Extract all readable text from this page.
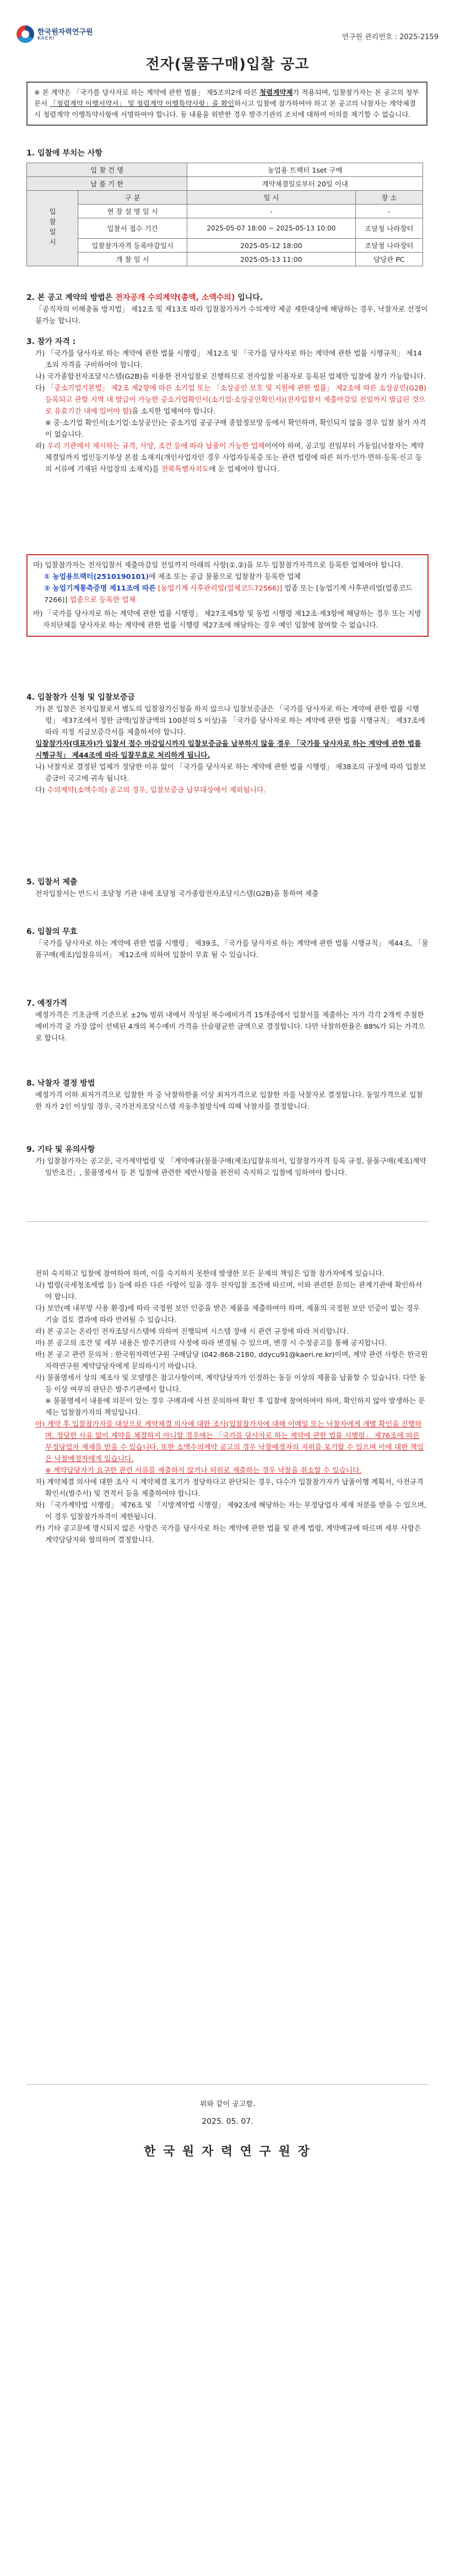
한국원자력연구원
KAERI	연구원 관리번호 : 2025-2159
전자(물품구매)입찰 공고
※ 본 계약은 「국가를 당사자로 하는 계약에 관한 법률」 제5조의2에 따른 청렴계약제가 적용되며, 입찰참가자는 본 공고의 청부문서 「청렴계약 이행서약서」 및 청렴계약 이행특약사항」을 확인하시고 입찰에 참가하여야 하고 본 공고의 낙찰자는 계약체결 시 청렴계약 이행특약사항에 서명하여야 합니다. 동 내용을 위반한 경우 발주기관의 조치에 대하여 이의를 제기할 수 없습니다.
1. 입찰에 부치는 사항
입 찰 건 명		농업용 트랙터 1set 구매	
납 품 기 한		계약체결일로부터 20일 이내	
입찰일시	구 분	일 시	장 소
	현 장 설 명 일 시	-	-
	입찰서 접수 기간	2025-05-07 18:00 ~ 2025-05-13 10:00	조달청 나라장터
	입찰참가자격 등록마감일시	2025-05-12 18:00	조달청 나라장터
	개 찰 일 시	2025-05-13 11:00	담당관 PC
2. 본 공고 계약의 방법은 전자공개 수의계약(총액, 소액수의) 입니다.
「공직자의 이해충돌 방지법」 제12조 및 제13조 따라 입찰참가자가 수의계약 제공 제한대상에 해당하는 경우, 낙찰자로 선정이 불가능 합니다.
3. 참가 자격 :
가) 「국가를 당사자로 하는 계약에 관한 법률 시행령」 제12조 및 「국가를 당사자로 하는 계약에 관한 법률 시행규칙」 제14조의 자격을 구비하여야 합니다.
나) 국가종합전자조달시스템(G2B)을 이용한 전자입찰로 진행하므로 전자입찰 이용자로 등록된 업체만 입찰에 참가 가능합니다.
다) 「중소기업기본법」 제2조 제2항에 따른 소기업 또는 「소상공인 보호 및 지원에 관한 법률」 제2조에 따른 소상공인(G2B) 등록되고 관할 지역 내 발급이 가능한 중소기업확인서(소기업·소상공인확인서)(전자입찰서 제출마감일 전일까지 발급된 것으로 유효기간 내에 있어야 함)을 소지한 업체여야 합니다.
※ 중·소기업 확인서(소기업·소상공인)는 중소기업 공공구매 종합정보망 등에서 확인하며, 확인되지 않을 경우 입찰 참가 자격이 없습니다.
라) 우리 기관에서 제시하는 규격, 사양, 조건 등에 따라 납품이 가능한 업체이어야 하며, 공고일 전일부터 가동일(낙찰자는 계약체결일까지 법인등기부상 본점 소재지(개인사업자인 경우 사업자등록증 또는 관련 법령에 따른 허가·인가·면허·등록·신고 등의 서류에 기재된 사업장의 소재지)를 전북특별자치도에 둔 업체여야 합니다.
마) 입찰참가자는 전자입찰서 제출마감일 전일까지 아래의 사항(①,②)을 모두 입찰참가자격으로 등록한 업체여야 합니다.
① 농업용트랙터(2510190101)에 제조 또는 공급 물품으로 입찰참가 등록한 업체
② 농업기계통측증명 제11조에 따른 [농업기계 사후관리업(업체코드72566)] 업종 또는 [농업기계 사후관리업(업종코드7266)] 업종으로 등록한 업체
바) 「국가를 당사자로 하는 계약에 관한 법률 시행령」 제27조제5항 및 동법 시행령 제12조·제3항에 해당하는 경우 또는 지방자치단체를 당사자로 하는 계약에 관한 법률 시행령 제27조에 해당하는 경우 예인 입찰에 참여할 수 없습니다.
4. 입찰참가 신청 및 입찰보증금
가) 본 입찰은 전자입찰로서 별도의 입찰참가신청을 하지 않으나 입찰보증금은 「국가를 당사자로 하는 계약에 관한 법률 시행령」 제37조에서 정한 금액(입찰금액의 100분의 5 이상)을 「국가를 당사자로 하는 계약에 관한 법률 시행규칙」 제37조에 따라 지정 지급보증각서를 제출하셔야 합니다.
입찰참가자(대표자)가 입찰서 접수 마감일시까지 입찰보증금을 납부하지 않을 경우 「국가를 당사자로 하는 계약에 관한 법률 시행규칙」 제44조에 따라 입찰무효로 처리하게 됩니다.
나) 낙찰자로 결정된 업체가 정당한 이유 없이 「국가를 당사자로 하는 계약에 관한 법률 시행령」 제38조의 규정에 따라 입찰보증금이 국고에 귀속 됩니다.
다) 수의계약(소액수의) 공고의 경우, 입찰보증금 납부대상에서 제외됩니다.
5. 입찰서 제출
전자입찰서는 반드시 조달청 기관 내에 조달청 국가종합전자조달시스템(G2B)을 통하여 제출
6. 입찰의 무효
「국가를 당사자로 하는 계약에 관한 법률 시행령」 제39조, 「국가를 당사자로 하는 계약에 관한 법률 시행규칙」 제44조, 「물품구매(제조)입찰유의서」 제12조에 의하여 입찰이 무효 될 수 있습니다.
7. 예정가격
예정가격은 기초금액 기준으로 ±2% 범위 내에서 작성된 복수예비가격 15개중에서 입찰서를 제출하는 자가 각각 2개씩 추첨한 예비가격 중 가장 많이 선택된 4개의 복수예비 가격을 산술평균한 금액으로 결정합니다. 다만 낙찰하한율은 88%가 되는 가격으로 합니다.
8. 낙찰자 결정 방법
예정가격 이하 최저가격으로 입찰한 자 중 낙찰하한율 이상 최저가격으로 입찰한 자를 낙찰자로 결정합니다. 동일가격으로 입찰한 자가 2인 이상일 경우, 국가전자조달시스템 자동추첨방식에 의해 낙찰자를 결정합니다.
9. 기타 및 유의사항
가) 입찰참가자는 공고문, 국가계약법령 및 「계약예규(물품구매(제조)입찰유의서, 입찰참가자격 등록 규정, 물품구매(제조)계약일반조건」, 물품명세서 등 본 입찰에 관련한 제반사항을 완전히 숙지하고 입찰에 임하여야 합니다.
전히 숙지하고 입찰에 참여하여 하며, 이를 숙지하지 못한데 발생한 모든 문제의 책임은 입찰 참가자에게 있습니다.
나) 법령(국세청조세법 등) 등에 따른 다른 사항이 있을 경우 전자입찰 조건에 따르며, 이와 관련한 문의는 관계기관에 확인하셔야 합니다.
다) 보안(예 내부망 사용 환경)에 따라 국정원 보안 인증을 받은 제품을 제출하여야 하며, 제품의 국정원 보안 인증이 없는 경우 기술 검토 결과에 따라 반려될 수 있습니다.
라) 본 공고는 온라인 전자조달시스템에 의하여 진행되며 시스템 장애 시 관련 규정에 따라 처리합니다.
마) 본 공고의 조건 및 세부 내용은 발주기관의 사정에 따라 변경될 수 있으며, 변경 시 수정공고를 통해 공지합니다.
바) 본 공고 관련 문의처 : 한국원자력연구원 구매담당 (042-868-2180, ddycu91@kaeri.re.kr)이며, 계약 관련 사항은 한국원자력연구원 계약담당자에게 문의하시기 바랍니다.
사) 물품명세서 상의 제조사 및 모델명은 참고사항이며, 계약담당자가 인정하는 동등 이상의 제품을 납품할 수 있습니다. 다만 동등 이상 여부의 판단은 발주기관에서 합니다.
※ 물품명세서 내용에 의문이 있는 경우 구매과에 사전 문의하여 확인 후 입찰에 참여하여야 하며, 확인하지 않아 발생하는 문제는 입찰참가자의 책임입니다.
아) 계약 후 입찰참가자를 대상으로 계약체결 의사에 대한 조사(입찰참가자에 대해 이메일 또는 낙찰자에게 개별 확인을 진행하며, 정당한 사유 없이 계약을 체결하지 아니할 경우에는 「국가를 당사자로 하는 계약에 관한 법률 시행령」 제76조에 따른 부정당업자 제재를 받을 수 있습니다. 또한 소액수의계약 공고의 경우 낙찰예정자의 지위를 포기할 수 있으며 이에 대한 책임은 낙찰예정자에게 있습니다.
※ 계약담당자가 요구한 관련 서류를 제출하지 않거나 허위로 제출하는 경우 낙찰을 취소할 수 있습니다.
자) 계약체결 의사에 대한 조사 시 계약체결 포기가 정당하다고 판단되는 경우, 다수가 입찰참가자가 납품이행 계획서, 사전규격확인서(발주서) 및 견적서 등을 제출하여야 합니다.
차) 「국가계약법 시행령」 제76조 및 「지방계약법 시행령」 제92조에 해당하는 자는 부정당업자 제재 처분을 받을 수 있으며, 이 경우 입찰참가자격이 제한됩니다.
카) 기타 공고문에 명시되지 않은 사항은 국가를 당사자로 하는 계약에 관한 법률 및 관계 법령, 계약예규에 따르며 세부 사항은 계약담당자와 협의하여 결정합니다.
위와 같이 공고함.
2025. 05. 07.
한 국 원 자 력 연 구 원 장
